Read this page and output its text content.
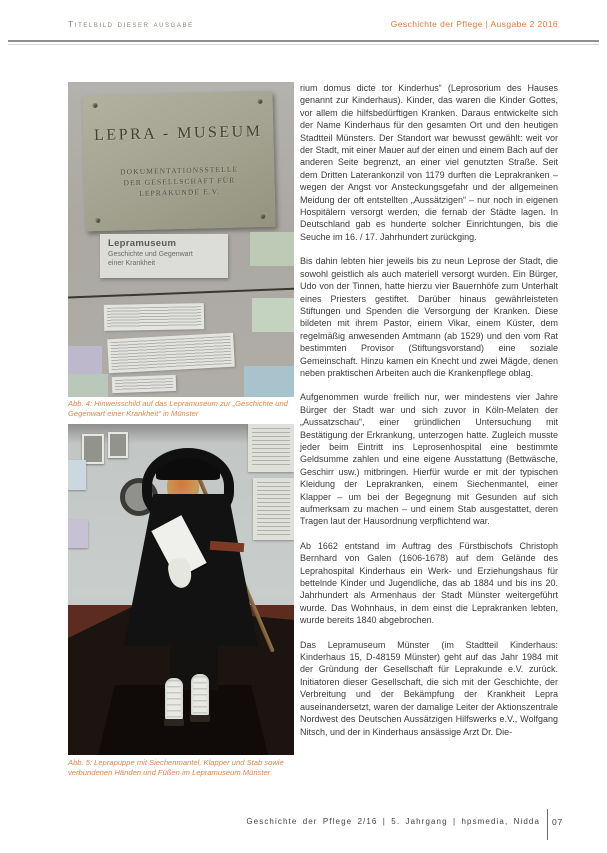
Titelbild dieser ausgabe	Geschichte der Pflege | Ausgabe 2 2016
LEPRA - MUSEUM
DOKUMENTATIONSSTELLE
DER GESELLSCHAFT FÜR
LEPRAKUNDE E.V.
Lepramuseum
Geschichte und Gegenwart
einer Krankheit
Abb. 4: Hinweisschild auf das Lepramuseum zur „Geschichte und Gegenwart einer Krankheit“ in Münster
Abb. 5: Leprapuppe mit Siechenmantel, Klapper und Stab sowie verbundenen Händen und Füßen im Lepramuseum Münster

rium domus dicte tor Kinderhus“ (Leprosorium des Hauses genannt zur Kinderhaus). Kinder, das waren die Kinder Gottes, vor allem die hilfsbedürftigen Kranken. Daraus entwickelte sich der Name Kinderhaus für den gesamten Ort und den heutigen Stadtteil Münsters. Der Standort war bewusst gewählt: weit vor der Stadt, mit einer Mauer auf der einen und einem Bach auf der anderen Seite begrenzt, an einer viel genutzten Straße. Seit dem Dritten Laterankonzil von 1179 durften die Leprakranken – wegen der Angst vor Ansteckungsgefahr und der allgemeinen Meidung der oft entstellten „Aussätzigen“ – nur noch in eigenen Hospitälern versorgt werden, die fernab der Städte lagen. In Deutschland gab es hunderte solcher Einrichtungen, bis die Seuche im 16. / 17. Jahrhundert zurückging.

Bis dahin lebten hier jeweils bis zu neun Leprose der Stadt, die sowohl geistlich als auch materiell versorgt wurden. Ein Bürger, Udo von der Tinnen, hatte hierzu vier Bauernhöfe zum Unterhalt eines Priesters gestiftet. Darüber hinaus gewährleisteten Stiftungen und Spenden die Versorgung der Kranken. Diese bildeten mit ihrem Pastor, einem Vikar, einem Küster, dem regelmäßig anwesenden Amtmann (ab 1529) und den vom Rat bestimmten Provisor (Stiftungsvorstand) eine soziale Gemeinschaft. Hinzu kamen ein Knecht und zwei Mägde, denen neben praktischen Arbeiten auch die Krankenpflege oblag.

Aufgenommen wurde freilich nur, wer mindestens vier Jahre Bürger der Stadt war und sich zuvor in Köln-Melaten der „Aussatzschau“, einer gründlichen Untersuchung mit Bestätigung der Erkrankung, unterzogen hatte. Zugleich musste jeder beim Eintritt ins Leprosenhospital eine bestimmte Geldsumme zahlen und eine eigene Ausstattung (Bettwäsche, Geschirr usw.) mitbringen. Hierfür wurde er mit der typischen Kleidung der Leprakranken, einem Siechenmantel, einer Klapper – um bei der Begegnung mit Gesunden auf sich aufmerksam zu machen – und einem Stab ausgestattet, deren Tragen laut der Hausordnung verpflichtend war.

Ab 1662 entstand im Auftrag des Fürstbischofs Christoph Bernhard von Galen (1606-1678) auf dem Gelände des Leprahospital Kinderhaus ein Werk- und Erziehungshaus für bettelnde Kinder und Jugendliche, das ab 1884 und bis ins 20. Jahrhundert als Armenhaus der Stadt Münster weitergeführt wurde. Das Wohnhaus, in dem einst die Leprakranken lebten, wurde bereits 1840 abgebrochen.

Das Lepramuseum Münster (im Stadtteil Kinderhaus: Kinderhaus 15, D-48159 Münster) geht auf das Jahr 1984 mit der Gründung der Gesellschaft für Leprakunde e.V. zurück. Initiatoren dieser Gesellschaft, die sich mit der Geschichte, der Verbreitung und der Bekämpfung der Krankheit Lepra auseinandersetzt, waren der damalige Leiter der Aktionszentrale Nordwest des Deutschen Aussätzigen Hilfswerks e.V., Wolfgang Nitsch, und der in Kinderhaus ansässige Arzt Dr. Die-

Geschichte der Pflege 2/16 | 5. Jahrgang | hpsmedia, Nidda 07
